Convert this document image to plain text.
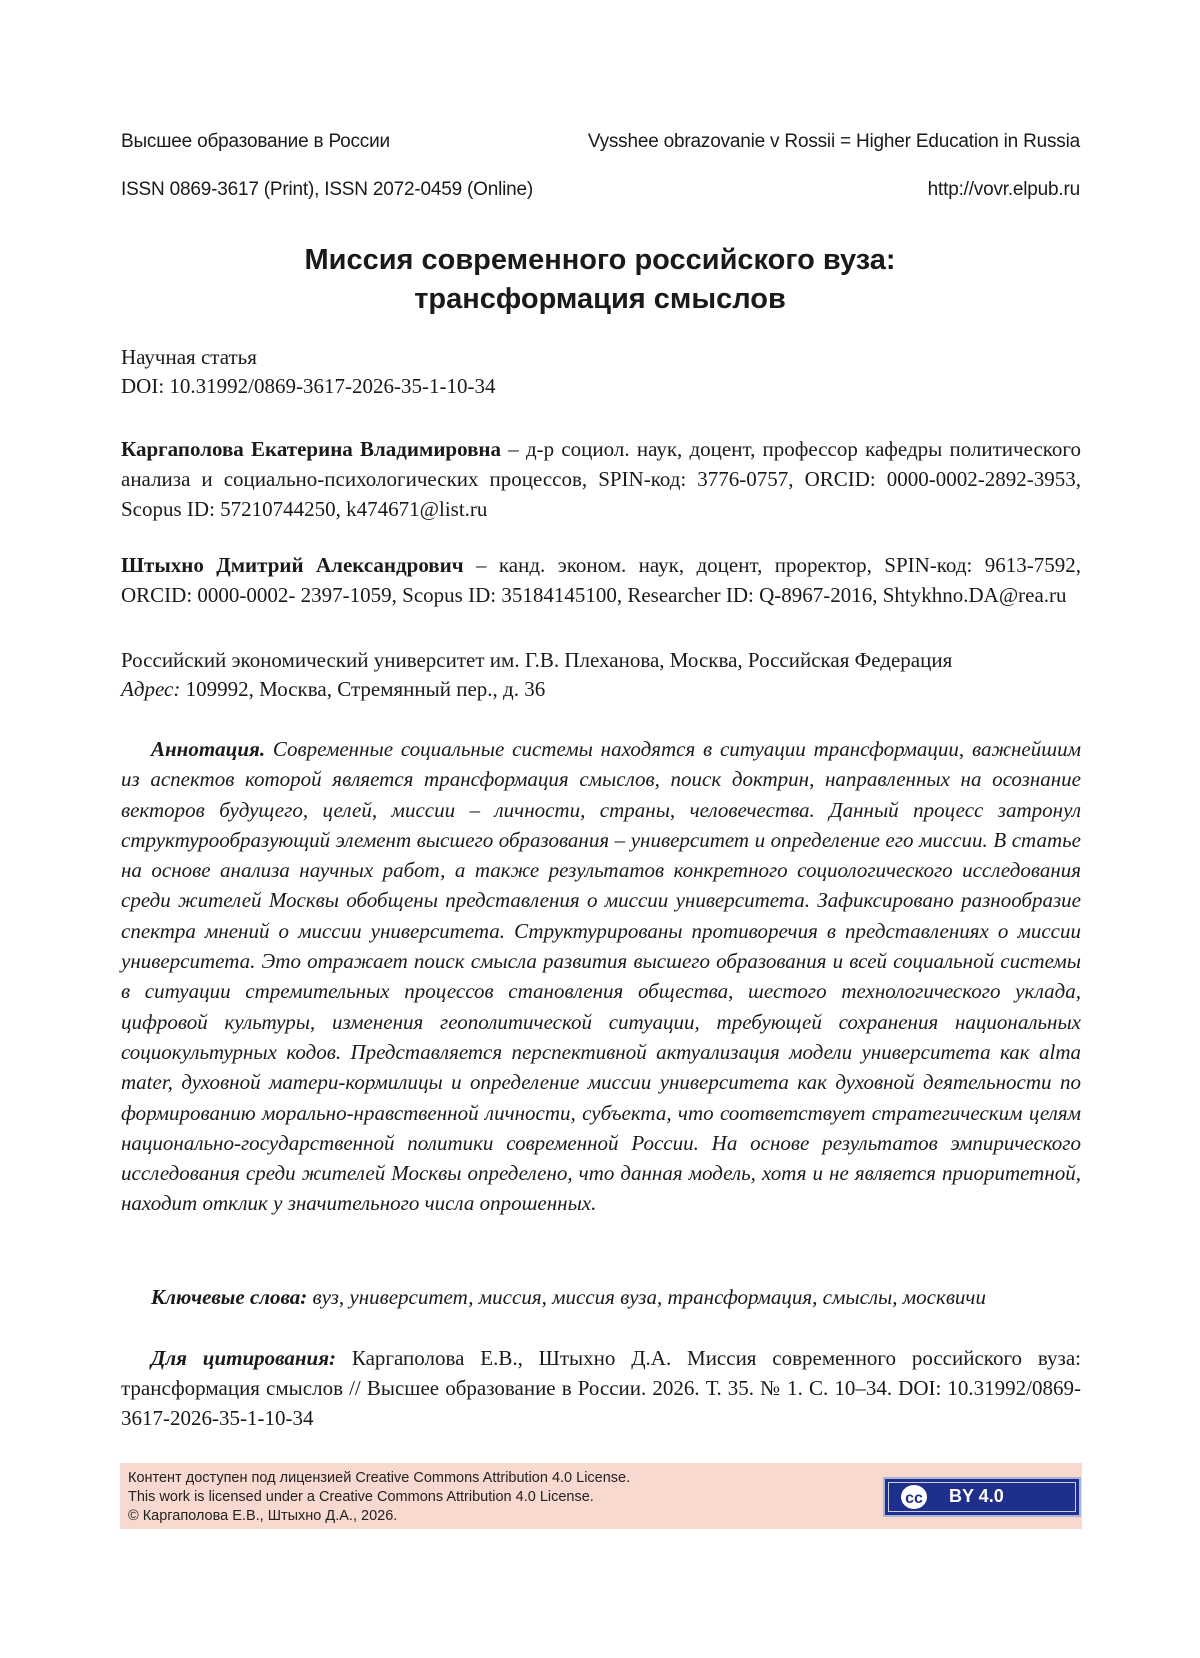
Высшее образование в России	Vysshee obrazovanie v Rossii = Higher Education in Russia
ISSN 0869-3617 (Print), ISSN 2072-0459 (Online)	http://vovr.elpub.ru
Миссия современного российского вуза:
трансформация смыслов
Научная статья
DOI: 10.31992/0869-3617-2026-35-1-10-34
Каргаполова Екатерина Владимировна – д-р социол. наук, доцент, профессор кафедры политического анализа и социально-психологических процессов, SPIN-код: 3776-0757, ORCID: 0000-0002-2892-3953, Scopus ID: 57210744250, k474671@list.ru
Штыхно Дмитрий Александрович – канд. эконом. наук, доцент, проректор, SPIN-код: 9613-7592, ORCID: 0000-0002- 2397-1059, Scopus ID: 35184145100, Researcher ID: Q-8967-2016, Shtykhno.DA@rea.ru
Российский экономический университет им. Г.В. Плеханова, Москва, Российская Федерация
Адрес: 109992, Москва, Стремянный пер., д. 36
Аннотация. Современные социальные системы находятся в ситуации трансформации, важнейшим из аспектов которой является трансформация смыслов, поиск доктрин, направленных на осознание векторов будущего, целей, миссии – личности, страны, человечества. Данный процесс затронул структурообразующий элемент высшего образования – университет и определение его миссии. В статье на основе анализа научных работ, а также результатов конкретного социологического исследования среди жителей Москвы обобщены представления о миссии университета. Зафиксировано разнообразие спектра мнений о миссии университета. Структурированы противоречия в представлениях о миссии университета. Это отражает поиск смысла развития высшего образования и всей социальной системы в ситуации стремительных процессов становления общества, шестого технологического уклада, цифровой культуры, изменения геополитической ситуации, требующей сохранения национальных социокультурных кодов. Представляется перспективной актуализация модели университета как alma mater, духовной матери-кормилицы и определение миссии университета как духовной деятельности по формированию морально-нравственной личности, субъекта, что соответствует стратегическим целям национально-государственной политики современной России. На основе результатов эмпирического исследования среди жителей Москвы определено, что данная модель, хотя и не является приоритетной, находит отклик у значительного числа опрошенных.
Ключевые слова: вуз, университет, миссия, миссия вуза, трансформация, смыслы, москвичи
Для цитирования: Каргаполова Е.В., Штыхно Д.А. Миссия современного российского вуза: трансформация смыслов // Высшее образование в России. 2026. Т. 35. № 1. С. 10–34. DOI: 10.31992/0869-3617-2026-35-1-10-34
Контент доступен под лицензией Creative Commons Attribution 4.0 License.
This work is licensed under a Creative Commons Attribution 4.0 License.
© Каргаполова Е.В., Штыхно Д.А., 2026.
cc	BY 4.0
